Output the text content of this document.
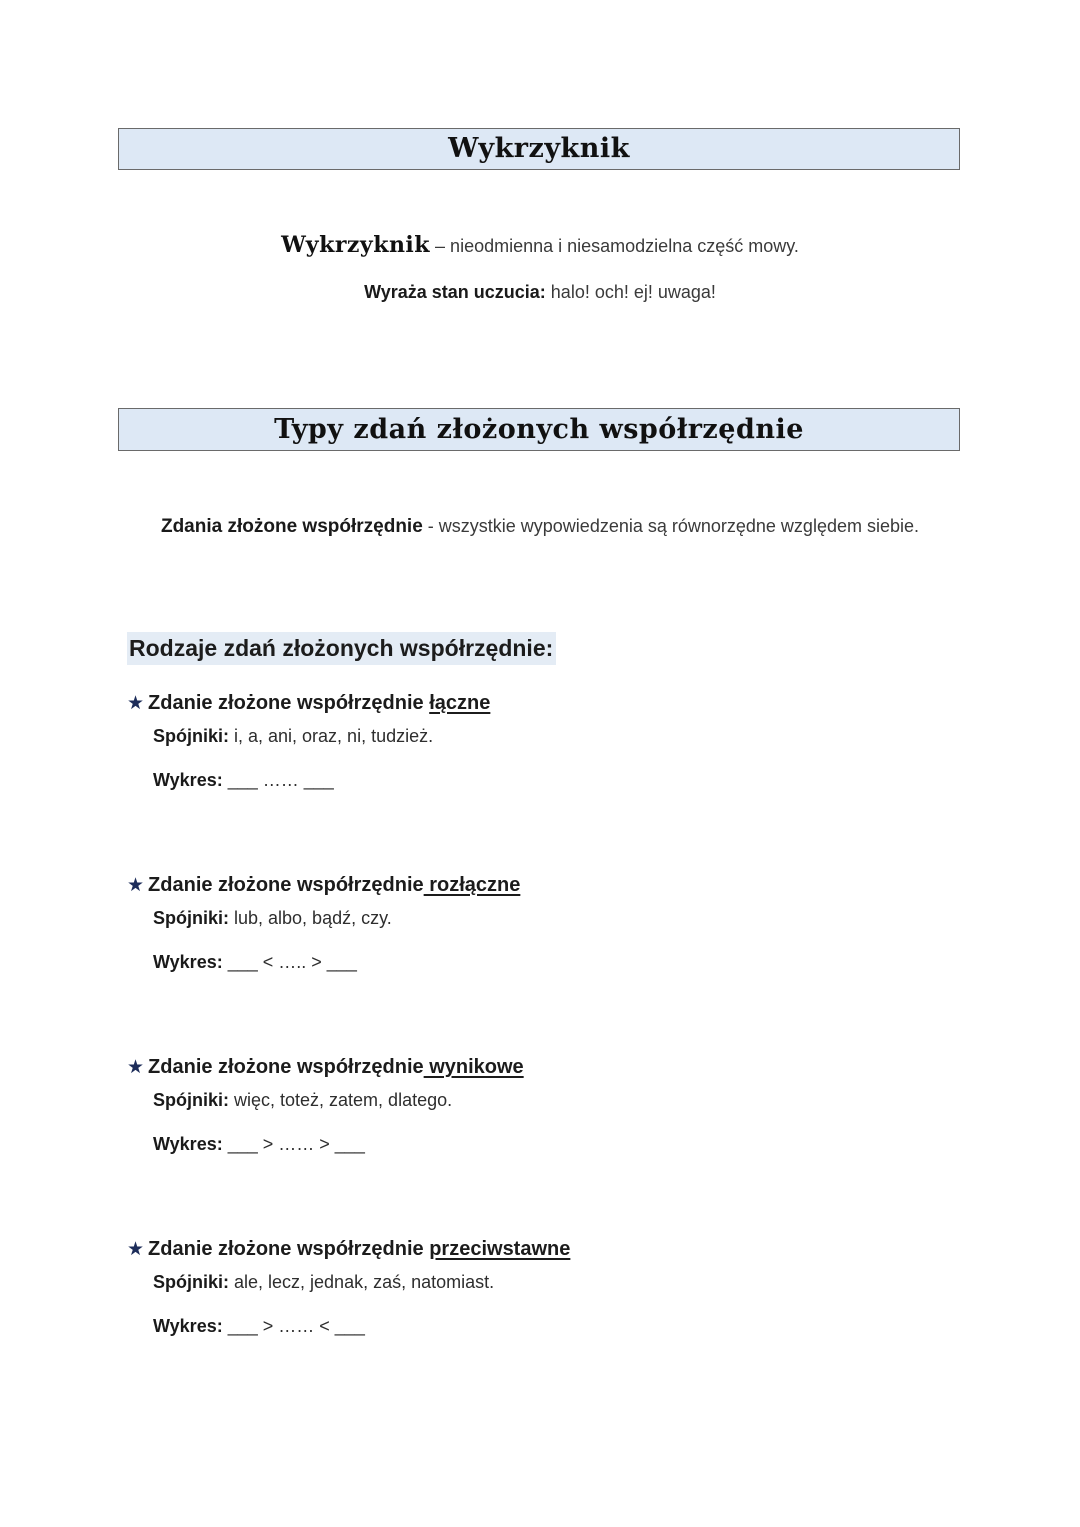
Wykrzyknik
Wykrzyknik – nieodmienna i niesamodzielna część mowy.
Wyraża stan uczucia: halo! och! ej! uwaga!
Typy zdań złożonych współrzędnie
Zdania złożone współrzędnie - wszystkie wypowiedzenia są równorzędne względem siebie.
Rodzaje zdań złożonych współrzędnie:
★ Zdanie złożone współrzędnie łączne
Spójniki: i, a, ani, oraz, ni, tudzież.
Wykres: ___ …… ___
★ Zdanie złożone współrzędnie rozłączne
Spójniki: lub, albo, bądź, czy.
Wykres: ___ < ….. > ___
★ Zdanie złożone współrzędnie wynikowe
Spójniki: więc, toteż, zatem, dlatego.
Wykres: ___ > …… > ___
★ Zdanie złożone współrzędnie przeciwstawne
Spójniki: ale, lecz, jednak, zaś, natomiast.
Wykres: ___ > …… < ___
